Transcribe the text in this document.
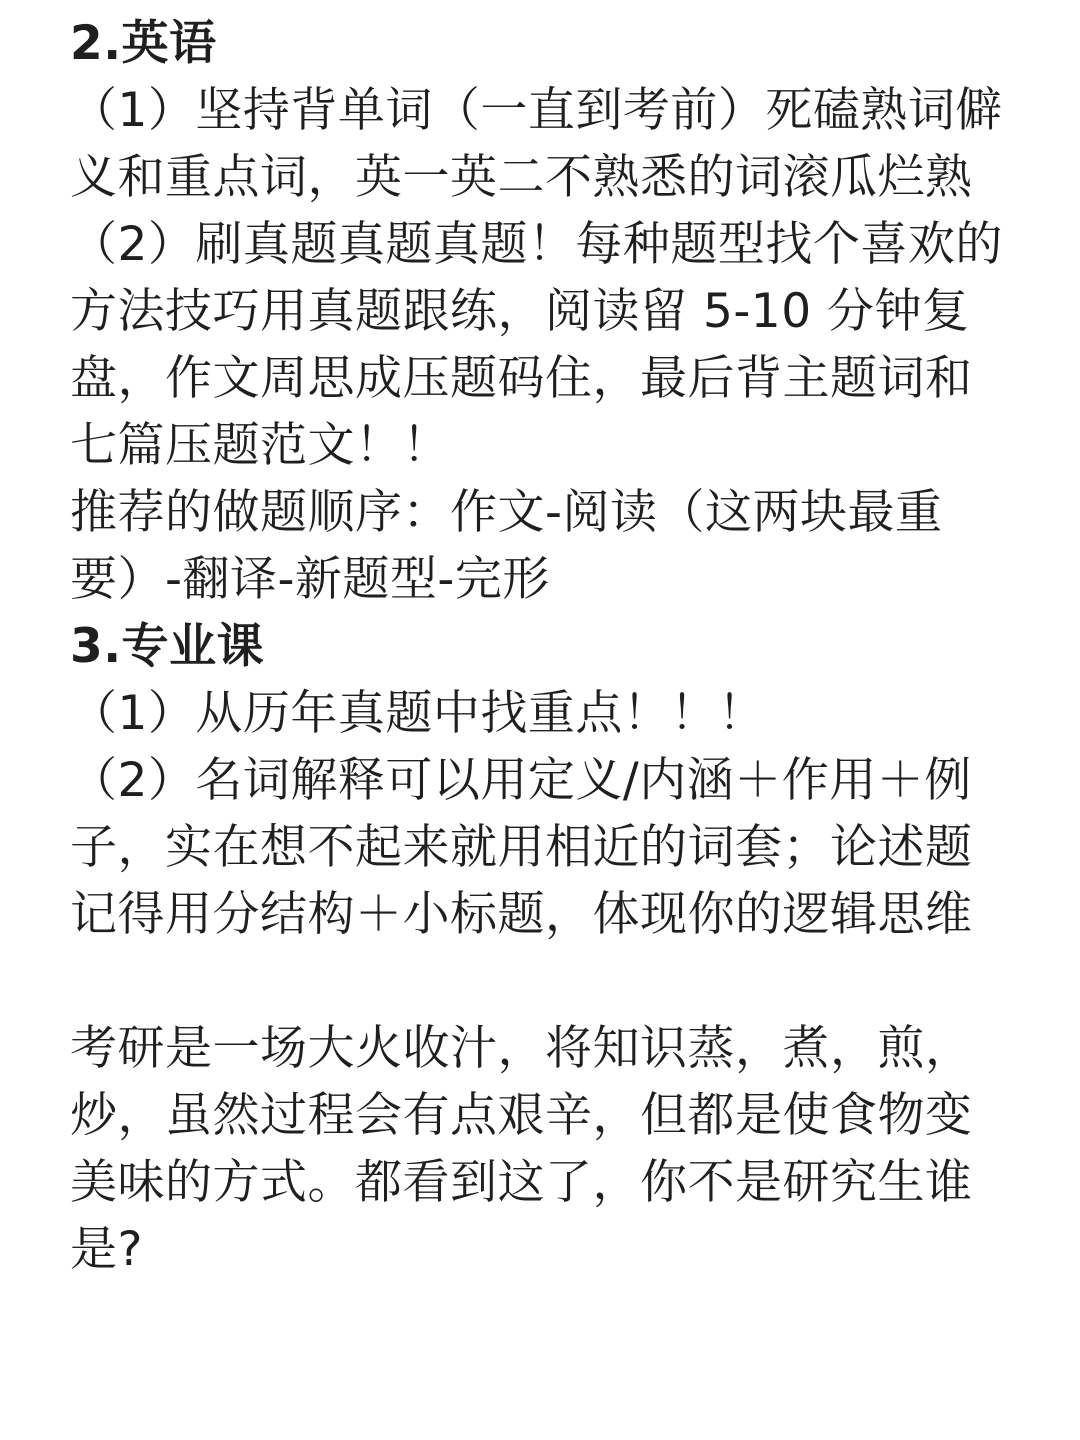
2.英语
（1）坚持背单词（一直到考前）死磕熟词僻
义和重点词，英一英二不熟悉的词滚瓜烂熟
（2）刷真题真题真题！每种题型找个喜欢的
方法技巧用真题跟练，阅读留 5-10 分钟复
盘，作文周思成压题码住，最后背主题词和
七篇压题范文！！
推荐的做题顺序：作文-阅读（这两块最重
要）-翻译-新题型-完形
3.专业课
（1）从历年真题中找重点！！！
（2）名词解释可以用定义/内涵＋作用＋例
子，实在想不起来就用相近的词套；论述题
记得用分结构＋小标题，体现你的逻辑思维
考研是一场大火收汁，将知识蒸，煮，煎，
炒，虽然过程会有点艰辛，但都是使食物变
美味的方式。都看到这了，你不是研究生谁
是?
